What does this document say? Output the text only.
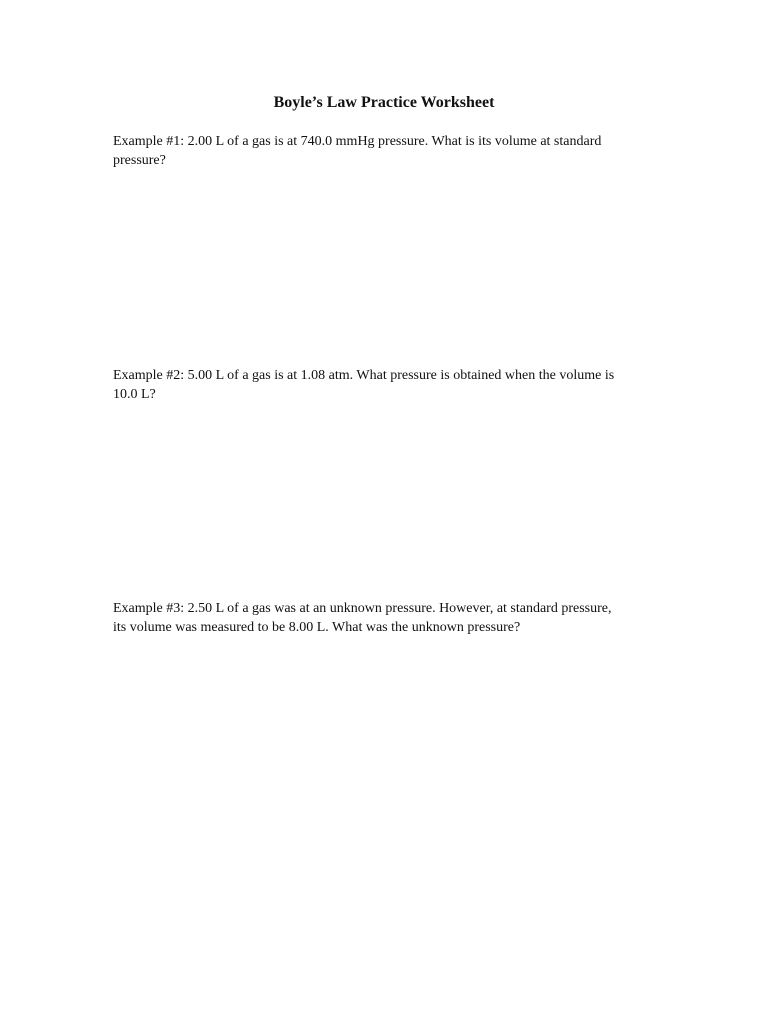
Boyle’s Law Practice Worksheet

Example #1: 2.00 L of a gas is at 740.0 mmHg pressure. What is its volume at standard
pressure?

Example #2: 5.00 L of a gas is at 1.08 atm. What pressure is obtained when the volume is
10.0 L?

Example #3: 2.50 L of a gas was at an unknown pressure. However, at standard pressure,
its volume was measured to be 8.00 L. What was the unknown pressure?
